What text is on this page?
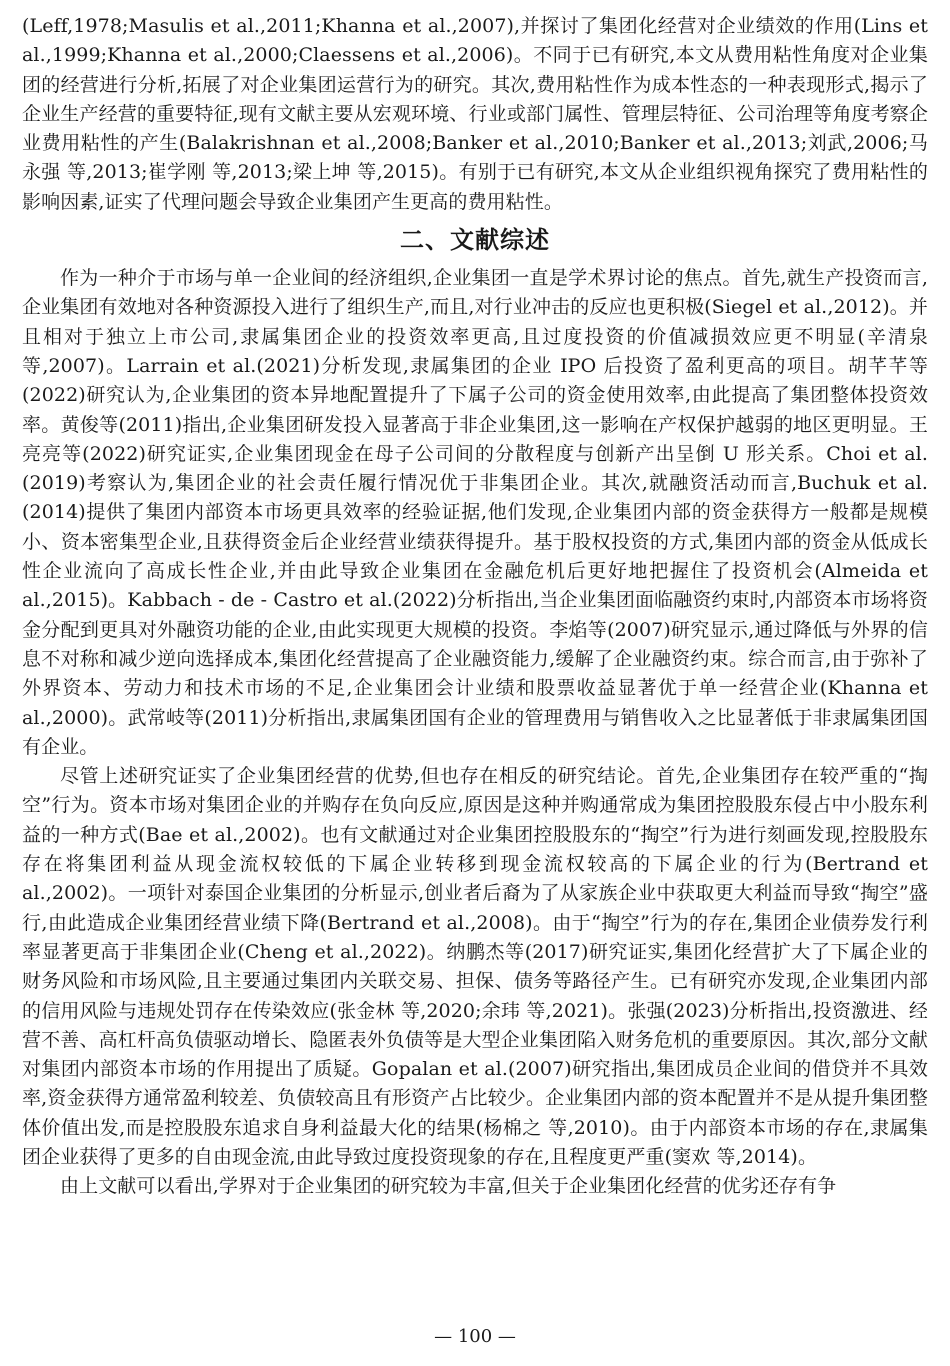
(Leff,1978;Masulis et al.,2011;Khanna et al.,2007),并探讨了集团化经营对企业绩效的作用(Lins et al.,1999;Khanna et al.,2000;Claessens et al.,2006)。不同于已有研究,本文从费用粘性角度对企业集团的经营进行分析,拓展了对企业集团运营行为的研究。其次,费用粘性作为成本性态的一种表现形式,揭示了企业生产经营的重要特征,现有文献主要从宏观环境、行业或部门属性、管理层特征、公司治理等角度考察企业费用粘性的产生(Balakrishnan et al.,2008;Banker et al.,2010;Banker et al.,2013;刘武,2006;马永强 等,2013;崔学刚 等,2013;梁上坤 等,2015)。有别于已有研究,本文从企业组织视角探究了费用粘性的影响因素,证实了代理问题会导致企业集团产生更高的费用粘性。

二、文献综述

作为一种介于市场与单一企业间的经济组织,企业集团一直是学术界讨论的焦点。首先,就生产投资而言,企业集团有效地对各种资源投入进行了组织生产,而且,对行业冲击的反应也更积极(Siegel et al.,2012)。并且相对于独立上市公司,隶属集团企业的投资效率更高,且过度投资的价值减损效应更不明显(辛清泉 等,2007)。Larrain et al.(2021)分析发现,隶属集团的企业 IPO 后投资了盈利更高的项目。胡芊芊等(2022)研究认为,企业集团的资本异地配置提升了下属子公司的资金使用效率,由此提高了集团整体投资效率。黄俊等(2011)指出,企业集团研发投入显著高于非企业集团,这一影响在产权保护越弱的地区更明显。王亮亮等(2022)研究证实,企业集团现金在母子公司间的分散程度与创新产出呈倒 U 形关系。Choi et al.(2019)考察认为,集团企业的社会责任履行情况优于非集团企业。其次,就融资活动而言,Buchuk et al.(2014)提供了集团内部资本市场更具效率的经验证据,他们发现,企业集团内部的资金获得方一般都是规模小、资本密集型企业,且获得资金后企业经营业绩获得提升。基于股权投资的方式,集团内部的资金从低成长性企业流向了高成长性企业,并由此导致企业集团在金融危机后更好地把握住了投资机会(Almeida et al.,2015)。Kabbach - de - Castro et al.(2022)分析指出,当企业集团面临融资约束时,内部资本市场将资金分配到更具对外融资功能的企业,由此实现更大规模的投资。李焰等(2007)研究显示,通过降低与外界的信息不对称和减少逆向选择成本,集团化经营提高了企业融资能力,缓解了企业融资约束。综合而言,由于弥补了外界资本、劳动力和技术市场的不足,企业集团会计业绩和股票收益显著优于单一经营企业(Khanna et al.,2000)。武常岐等(2011)分析指出,隶属集团国有企业的管理费用与销售收入之比显著低于非隶属集团国有企业。

尽管上述研究证实了企业集团经营的优势,但也存在相反的研究结论。首先,企业集团存在较严重的“掏空”行为。资本市场对集团企业的并购存在负向反应,原因是这种并购通常成为集团控股股东侵占中小股东利益的一种方式(Bae et al.,2002)。也有文献通过对企业集团控股股东的“掏空”行为进行刻画发现,控股股东存在将集团利益从现金流权较低的下属企业转移到现金流权较高的下属企业的行为(Bertrand et al.,2002)。一项针对泰国企业集团的分析显示,创业者后裔为了从家族企业中获取更大利益而导致“掏空”盛行,由此造成企业集团经营业绩下降(Bertrand et al.,2008)。由于“掏空”行为的存在,集团企业债券发行利率显著更高于非集团企业(Cheng et al.,2022)。纳鹏杰等(2017)研究证实,集团化经营扩大了下属企业的财务风险和市场风险,且主要通过集团内关联交易、担保、债务等路径产生。已有研究亦发现,企业集团内部的信用风险与违规处罚存在传染效应(张金林 等,2020;余玮 等,2021)。张强(2023)分析指出,投资激进、经营不善、高杠杆高负债驱动增长、隐匿表外负债等是大型企业集团陷入财务危机的重要原因。其次,部分文献对集团内部资本市场的作用提出了质疑。Gopalan et al.(2007)研究指出,集团成员企业间的借贷并不具效率,资金获得方通常盈利较差、负债较高且有形资产占比较少。企业集团内部的资本配置并不是从提升集团整体价值出发,而是控股股东追求自身利益最大化的结果(杨棉之 等,2010)。由于内部资本市场的存在,隶属集团企业获得了更多的自由现金流,由此导致过度投资现象的存在,且程度更严重(窦欢 等,2014)。

由上文献可以看出,学界对于企业集团的研究较为丰富,但关于企业集团化经营的优劣还存有争

— 100 —
